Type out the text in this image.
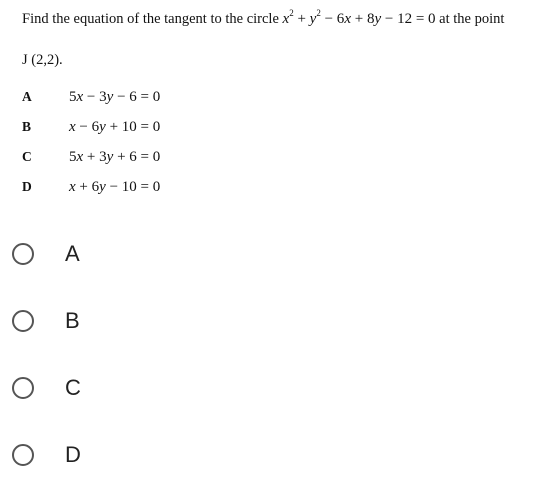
Find the equation of the tangent to the circle $x^2 + y^2 - 6x + 8y - 12 = 0$ at the point
J (2,2).
A	5x − 3y − 6 = 0
B	x − 6y + 10 = 0
C	5x + 3y + 6 = 0
D	x + 6y − 10 = 0
A
B
C
D
